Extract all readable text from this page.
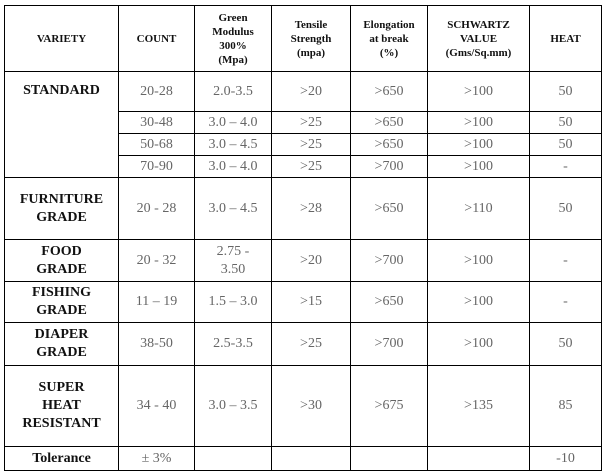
VARIETY	COUNT	Green
Modulus
300%
(Mpa)	Tensile
Strength
(mpa)	Elongation
at break
(%)	SCHWARTZ
VALUE
(Gms/Sq.mm)	HEAT
STANDARD	20-28	2.0-3.5	>20	>650	>100	50
	30-48	3.0 – 4.0	>25	>650	>100	50
	50-68	3.0 – 4.5	>25	>650	>100	50
	70-90	3.0 – 4.0	>25	>700	>100	-
FURNITURE
GRADE	20 - 28	3.0 – 4.5	>28	>650	>110	50
FOOD
GRADE	20 - 32	2.75 -
3.50	>20	>700	>100	-
FISHING
GRADE	11 – 19	1.5 – 3.0	>15	>650	>100	-
DIAPER
GRADE	38-50	2.5-3.5	>25	>700	>100	50
SUPER
HEAT
RESISTANT	34 - 40	3.0 – 3.5	>30	>675	>135	85
Tolerance	± 3%					-10
